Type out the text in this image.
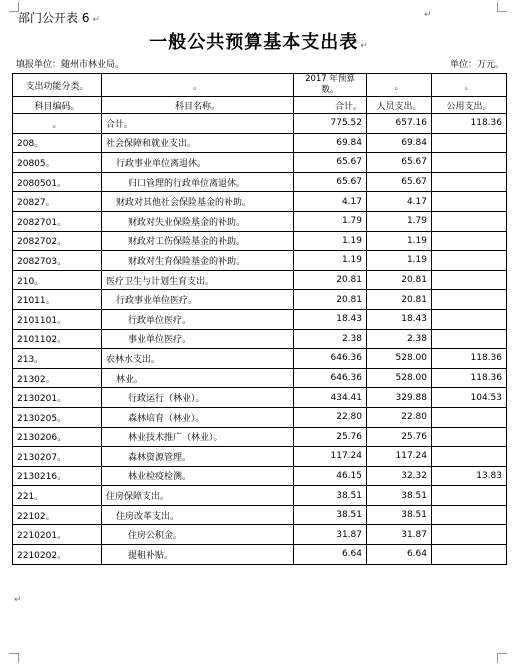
部门公开表 6 ↵	↵
一般公共预算基本支出表 ↵
填报单位：随州市林业局。	单位：万元。
支出功能分类。	。	2017 年预算
数。	。	。
科目编码。	科目名称。	合计。	人员支出。	公用支出。
。	合计。	775.52	657.16	118.36
208。	社会保障和就业支出。	69.84	69.84	
20805。	行政事业单位离退休。	65.67	65.67	
2080501。	归口管理的行政单位离退休。	65.67	65.67	
20827。	财政对其他社会保险基金的补助。	4.17	4.17	
2082701。	财政对失业保险基金的补助。	1.79	1.79	
2082702。	财政对工伤保险基金的补助。	1.19	1.19	
2082703。	财政对生育保险基金的补助。	1.19	1.19	
210。	医疗卫生与计划生育支出。	20.81	20.81	
21011。	行政事业单位医疗。	20.81	20.81	
2101101。	行政单位医疗。	18.43	18.43	
2101102。	事业单位医疗。	2.38	2.38	
213。	农林水支出。	646.36	528.00	118.36
21302。	林业。	646.36	528.00	118.36
2130201。	行政运行（林业）。	434.41	329.88	104.53
2130205。	森林培育（林业）。	22.80	22.80	
2130206。	林业技术推广（林业）。	25.76	25.76	
2130207。	森林资源管理。	117.24	117.24	
2130216。	林业检疫检测。	46.15	32.32	13.83
221。	住房保障支出。	38.51	38.51	
22102。	住房改革支出。	38.51	38.51	
2210201。	住房公积金。	31.87	31.87	
2210202。	提租补贴。	6.64	6.64	
↵
